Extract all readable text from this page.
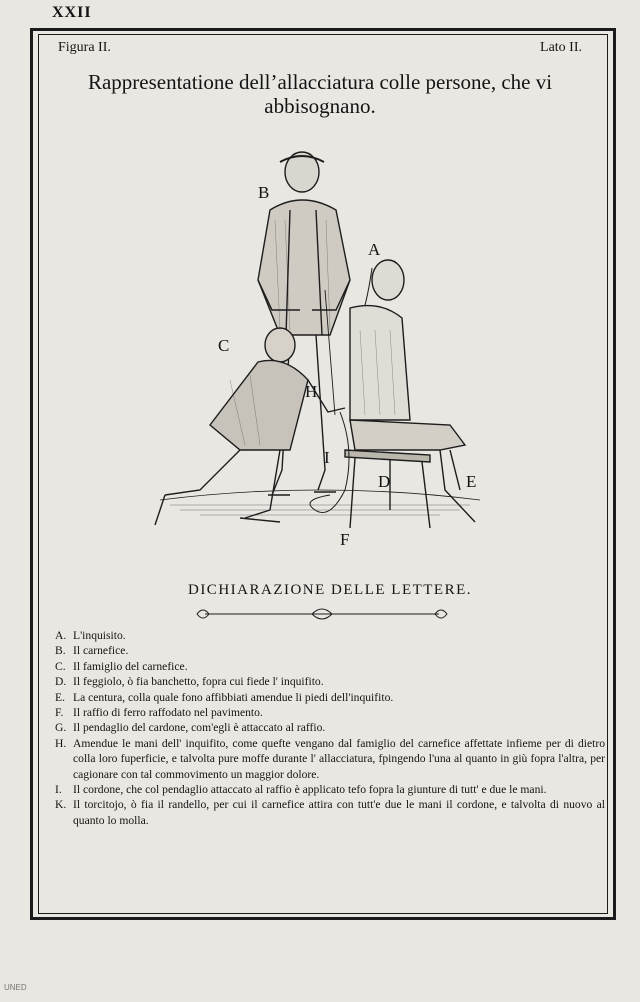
XXII
Figura II.	Lato II.
Rappresentatione dell’allacciatura colle persone, che vi abbisognano.
B
A
C
H
I
D	E
F
DICHIARAZIONE DELLE LETTERE.
A. L'inquisito.
B. Il carnefice.
C. Il famiglio del carnefice.
D. Il feggiolo, ò fia banchetto, fopra cui fiede l' inquifito.
E. La centura, colla quale fono affibbiati amendue li piedi dell'inquifito.
F. Il raffio di ferro raffodato nel pavimento.
G. Il pendaglio del cardone, com'egli è attaccato al raffio.
H. Amendue le mani dell' inquifito, come quefte vengano dal famiglio del carnefice affettate infieme per di dietro colla loro fuperficie, e talvolta pure moffe durante l' allacciatura, fpingendo l'una al quanto in giù fopra l'altra, per cagionare con tal commovimento un maggior dolore.
I. Il cordone, che col pendaglio attaccato al raffio è applicato tefo fopra la giunture di tutt' e due le mani.
K. Il torcitojo, ò fia il randello, per cui il carnefice attira con tutt'e due le mani il cordone, e talvolta di nuovo al quanto lo molla.
UNED
